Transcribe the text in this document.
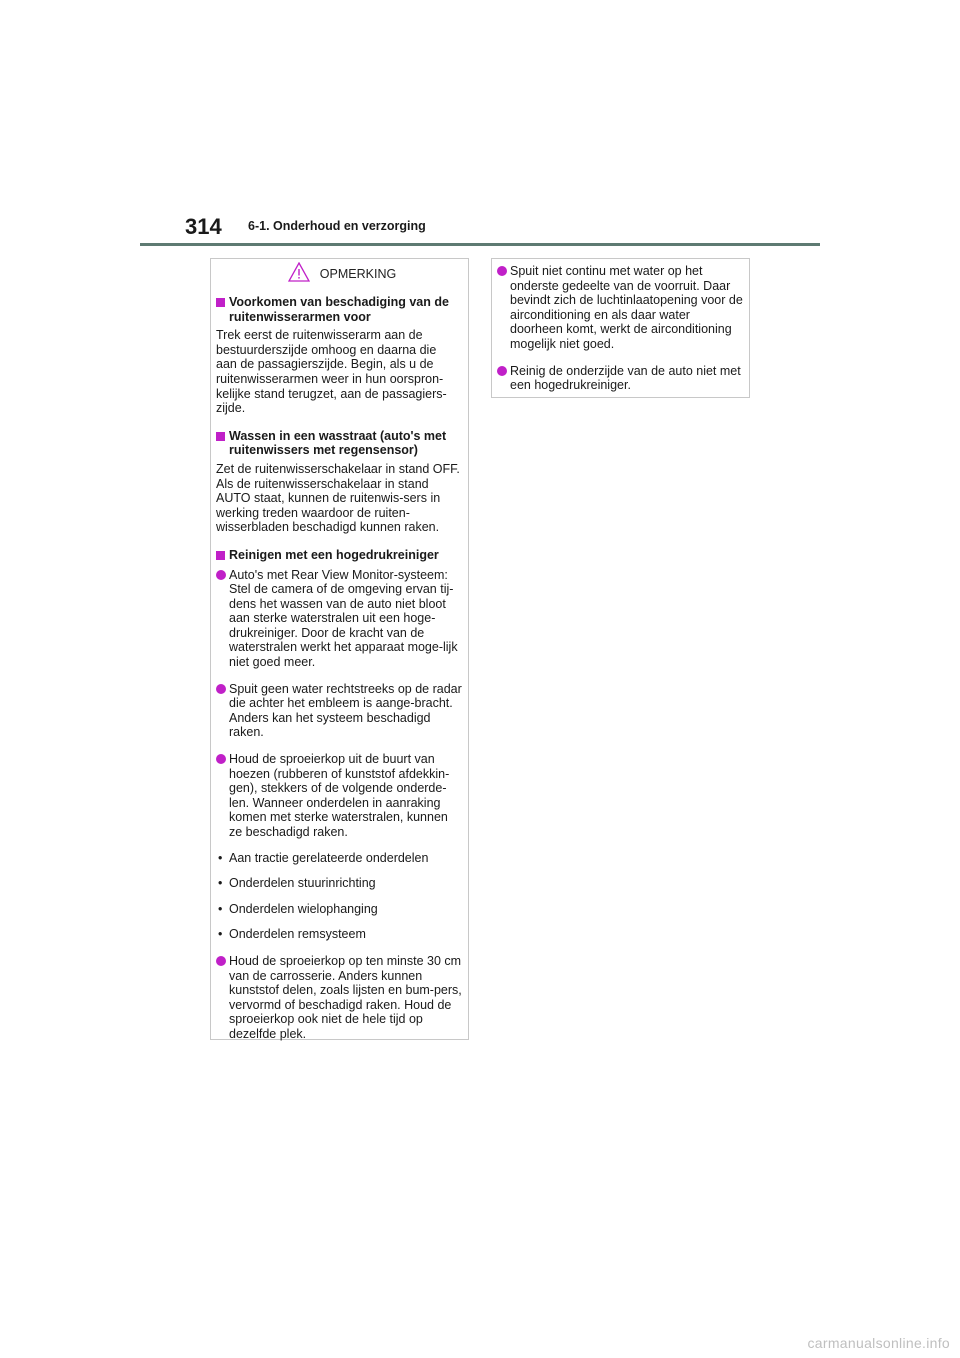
314 6-1. Onderhoud en verzorging
OPMERKING
Voorkomen van beschadiging van de ruitenwisserarmen voor
Trek eerst de ruitenwisserarm aan de bestuurderszijde omhoog en daarna die aan de passagierszijde. Begin, als u de ruitenwisserarmen weer in hun oorspron-kelijke stand terugzet, aan de passagiers-zijde.
Wassen in een wasstraat (auto's met ruitenwissers met regensensor)
Zet de ruitenwisserschakelaar in stand OFF. Als de ruitenwisserschakelaar in stand AUTO staat, kunnen de ruitenwis-sers in werking treden waardoor de ruiten-wisserbladen beschadigd kunnen raken.
Reinigen met een hogedrukreiniger
Auto's met Rear View Monitor-systeem: Stel de camera of de omgeving ervan tij-dens het wassen van de auto niet bloot aan sterke waterstralen uit een hoge-drukreiniger. Door de kracht van de waterstralen werkt het apparaat moge-lijk niet goed meer.
Spuit geen water rechtstreeks op de radar die achter het embleem is aange-bracht. Anders kan het systeem beschadigd raken.
Houd de sproeierkop uit de buurt van hoezen (rubberen of kunststof afdekkin-gen), stekkers of de volgende onderde-len. Wanneer onderdelen in aanraking komen met sterke waterstralen, kunnen ze beschadigd raken.
• Aan tractie gerelateerde onderdelen
• Onderdelen stuurinrichting
• Onderdelen wielophanging
• Onderdelen remsysteem
Houd de sproeierkop op ten minste 30 cm van de carrosserie. Anders kunnen kunststof delen, zoals lijsten en bum-pers, vervormd of beschadigd raken. Houd de sproeierkop ook niet de hele tijd op dezelfde plek.
Spuit niet continu met water op het onderste gedeelte van de voorruit. Daar bevindt zich de luchtinlaatopening voor de airconditioning en als daar water doorheen komt, werkt de airconditioning mogelijk niet goed.
Reinig de onderzijde van de auto niet met een hogedrukreiniger.
carmanualsonline.info
